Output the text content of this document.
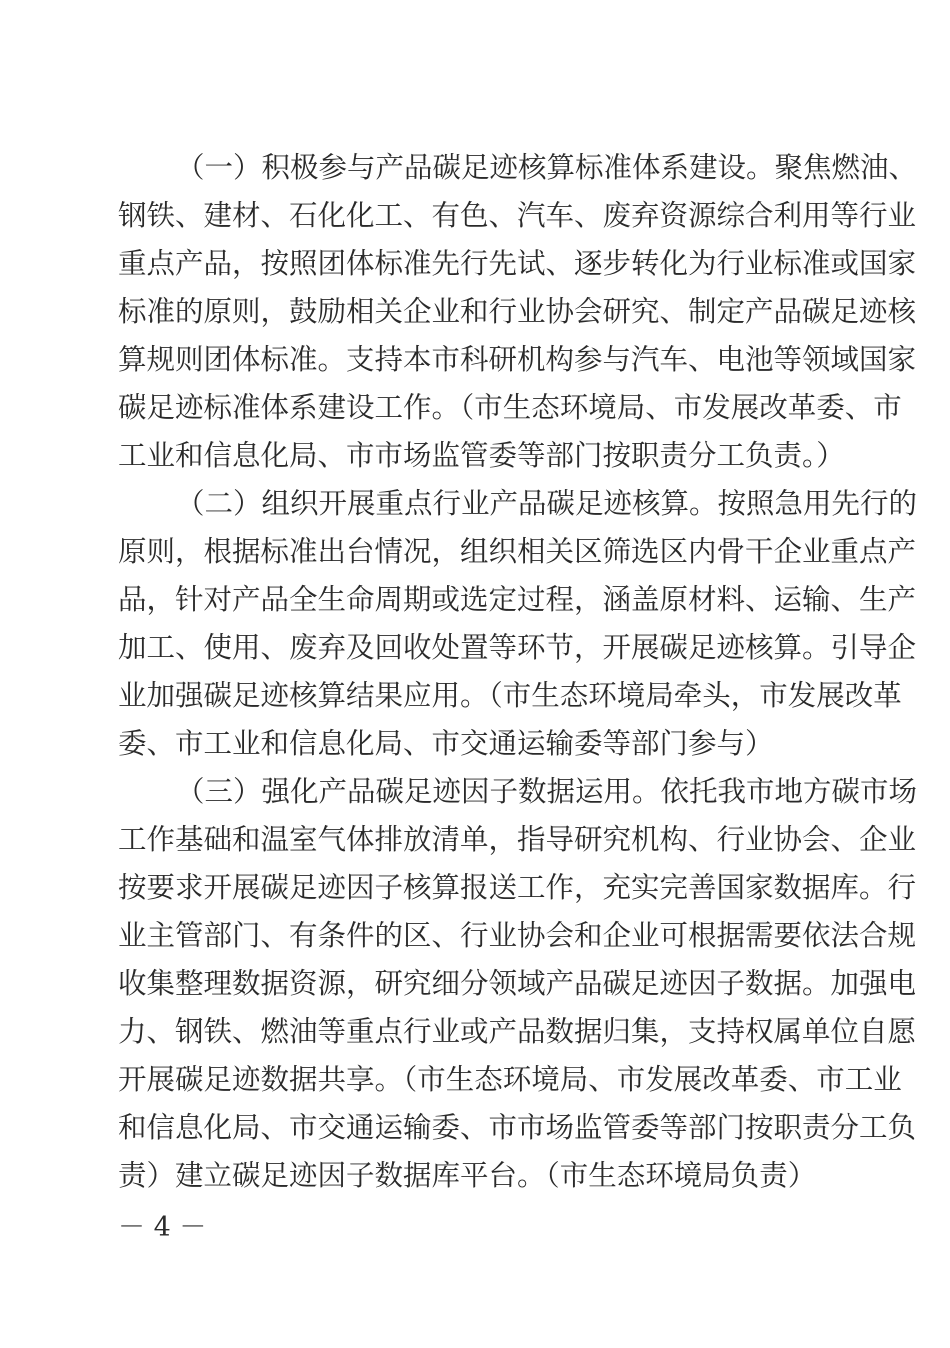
（一）积极参与产品碳足迹核算标准体系建设。聚焦燃油、
钢铁、建材、石化化工、有色、汽车、废弃资源综合利用等行业
重点产品，按照团体标准先行先试、逐步转化为行业标准或国家
标准的原则，鼓励相关企业和行业协会研究、制定产品碳足迹核
算规则团体标准。支持本市科研机构参与汽车、电池等领域国家
碳足迹标准体系建设工作。（市生态环境局、市发展改革委、市
工业和信息化局、市市场监管委等部门按职责分工负责。）
（二）组织开展重点行业产品碳足迹核算。按照急用先行的
原则，根据标准出台情况，组织相关区筛选区内骨干企业重点产
品，针对产品全生命周期或选定过程，涵盖原材料、运输、生产
加工、使用、废弃及回收处置等环节，开展碳足迹核算。引导企
业加强碳足迹核算结果应用。（市生态环境局牵头，市发展改革
委、市工业和信息化局、市交通运输委等部门参与）
（三）强化产品碳足迹因子数据运用。依托我市地方碳市场
工作基础和温室气体排放清单，指导研究机构、行业协会、企业
按要求开展碳足迹因子核算报送工作，充实完善国家数据库。行
业主管部门、有条件的区、行业协会和企业可根据需要依法合规
收集整理数据资源，研究细分领域产品碳足迹因子数据。加强电
力、钢铁、燃油等重点行业或产品数据归集，支持权属单位自愿
开展碳足迹数据共享。（市生态环境局、市发展改革委、市工业
和信息化局、市交通运输委、市市场监管委等部门按职责分工负
责）建立碳足迹因子数据库平台。（市生态环境局负责）
－ 4 －
